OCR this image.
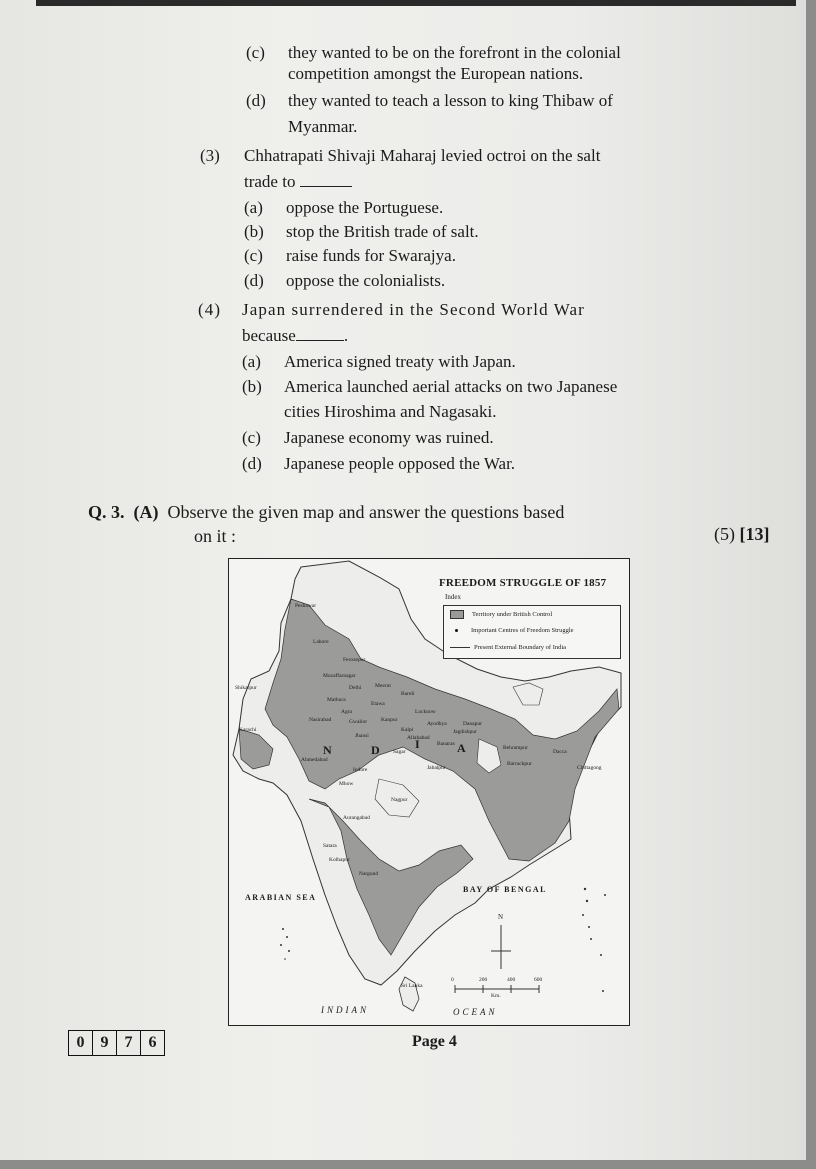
(c) they wanted to be on the forefront in the colonial
competition amongst the European nations.
(d) they wanted to teach a lesson to king Thibaw of
Myanmar.
(3) Chhatrapati Shivaji Maharaj levied octroi on the salt
trade to
(a) oppose the Portuguese.
(b) stop the British trade of salt.
(c) raise funds for Swarajya.
(d) oppose the colonialists.
(4) Japan surrendered in the Second World War
because	.
(a) America signed treaty with Japan.
(b) America launched aerial attacks on two Japanese
cities Hiroshima and Nagasaki.
(c) Japanese economy was ruined.
(d) Japanese people opposed the War.
Q. 3. (A) Observe the given map and answer the questions based
on it :	(5) [13]
FREEDOM STRUGGLE OF 1857
Index
Territory under British Control
Important Centres of Freedom Struggle
Present External Boundary of India
ARABIAN SEA
BAY OF BENGAL
INDIAN	OCEAN
N
Sri Lanka
0	200	400	600
Km.
N	D	I	A
Peshawar
Lahore
Ferozepur
Muzaffarnagar
Delhi	Meerut
Bareli
Mathura
Etawa
Agra	Lucknow
Ayodhya	Danapur
Jagdishpur
Kanpur
Kalpi
Jhansi	Allahabad
Banaras
Behrampur
Dacca
Barrackpur
Chittagong
Shikarpur
Karachi
Nasirabad	Gwalior
Sagar
Jabalpur
Ahmedabad
Indore
Mhow
Nagpur
Aurangabad
Satara
Kolhapur
Nargund
0	9	7	6	Page 4
